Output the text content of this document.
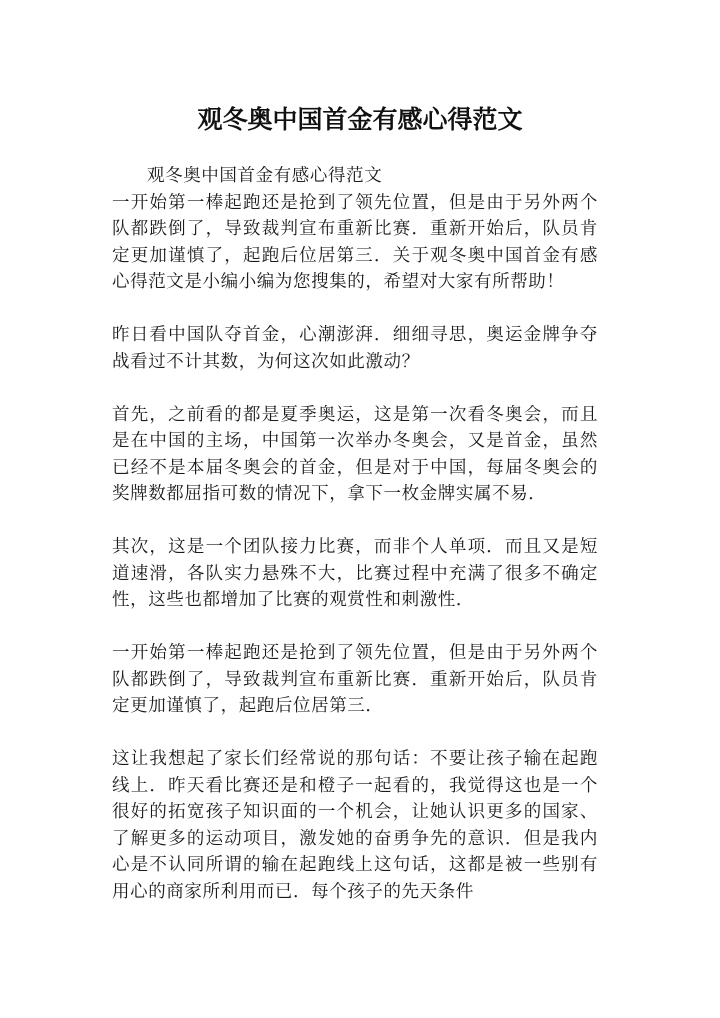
观冬奥中国首金有感心得范文

观冬奥中国首金有感心得范文

一开始第一棒起跑还是抢到了领先位置，但是由于另外两个队都跌倒了，导致裁判宣布重新比赛．重新开始后，队员肯定更加谨慎了，起跑后位居第三．关于观冬奥中国首金有感心得范文是小编小编为您搜集的，希望对大家有所帮助！

昨日看中国队夺首金，心潮澎湃．细细寻思，奥运金牌争夺战看过不计其数，为何这次如此激动？

首先，之前看的都是夏季奥运，这是第一次看冬奥会，而且是在中国的主场，中国第一次举办冬奥会，又是首金，虽然已经不是本届冬奥会的首金，但是对于中国，每届冬奥会的奖牌数都屈指可数的情况下，拿下一枚金牌实属不易．

其次，这是一个团队接力比赛，而非个人单项．而且又是短道速滑，各队实力悬殊不大，比赛过程中充满了很多不确定性，这些也都增加了比赛的观赏性和刺激性．

一开始第一棒起跑还是抢到了领先位置，但是由于另外两个队都跌倒了，导致裁判宣布重新比赛．重新开始后，队员肯定更加谨慎了，起跑后位居第三．

这让我想起了家长们经常说的那句话：不要让孩子输在起跑线上．昨天看比赛还是和橙子一起看的，我觉得这也是一个很好的拓宽孩子知识面的一个机会，让她认识更多的国家、了解更多的运动项目，激发她的奋勇争先的意识．但是我内心是不认同所谓的输在起跑线上这句话，这都是被一些别有用心的商家所利用而已．每个孩子的先天条件
